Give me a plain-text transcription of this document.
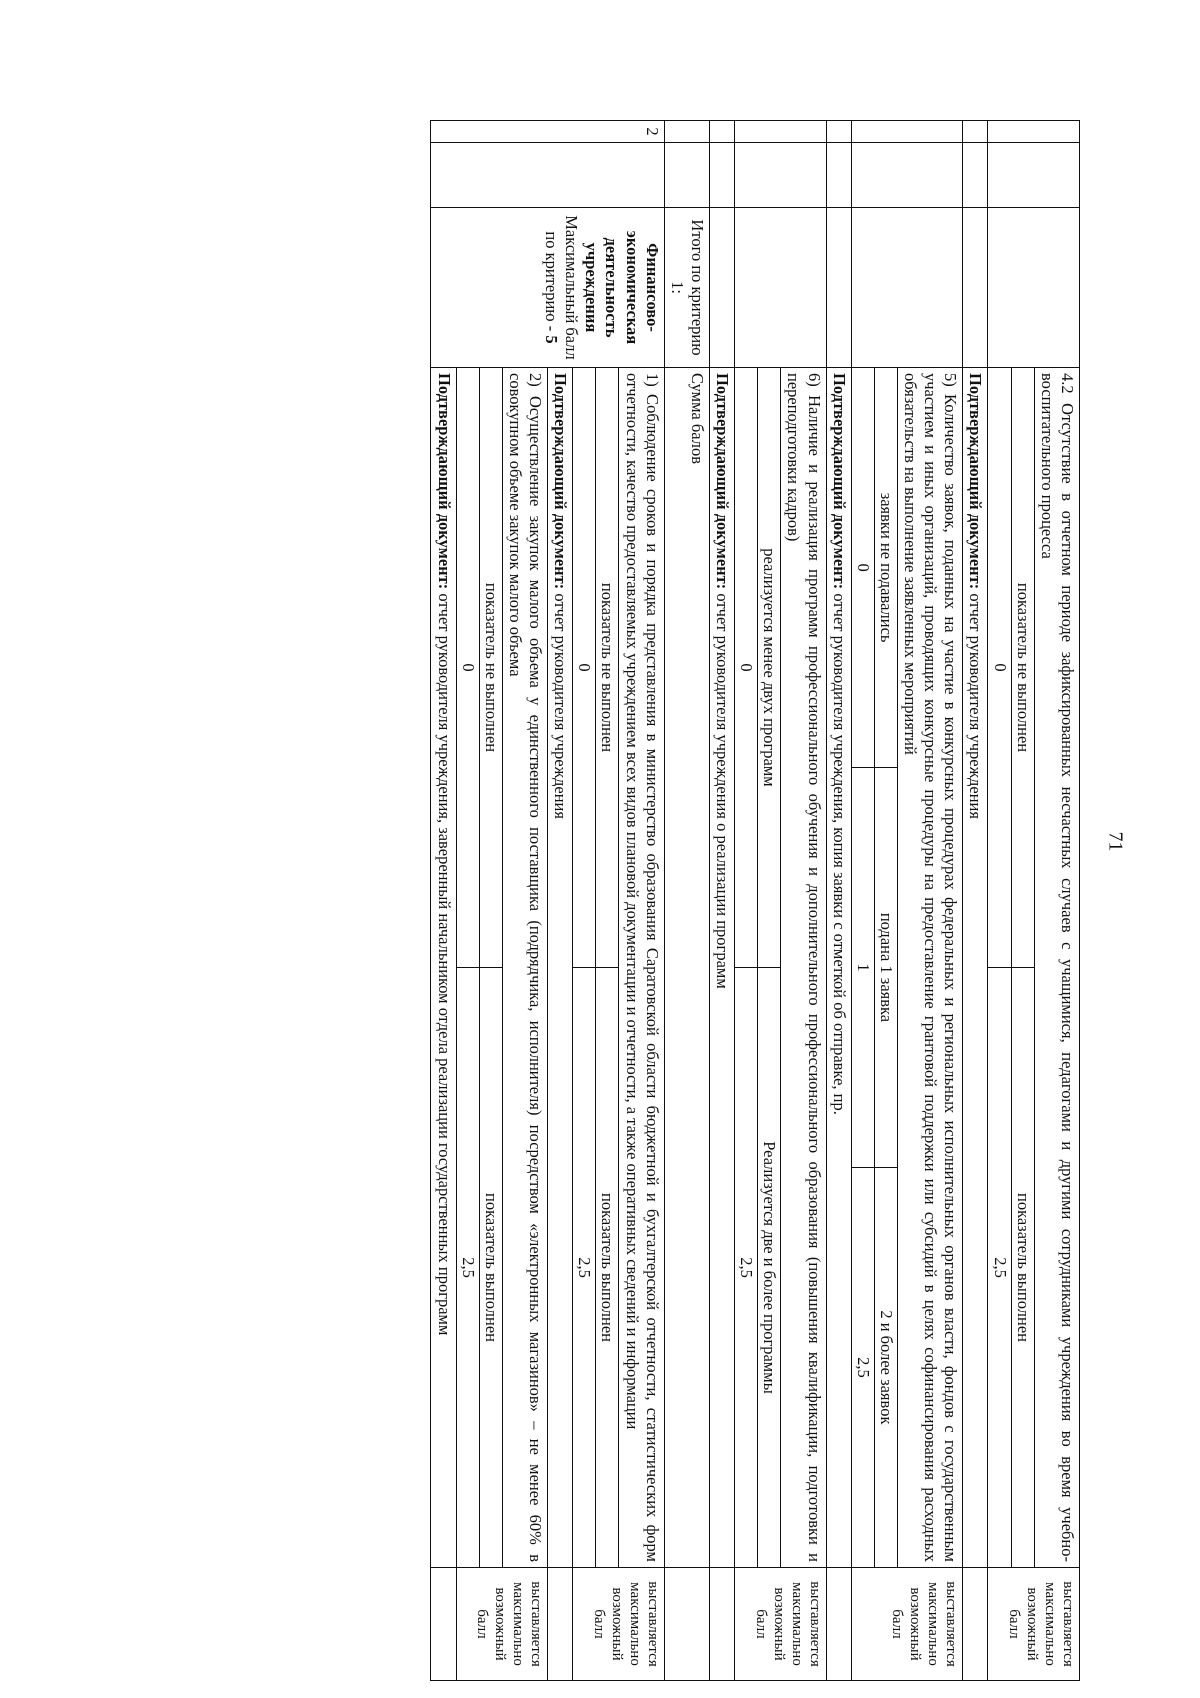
71

4.2 Отсутствие в отчетном периоде зафиксированных несчастных случаев с учащимися, педагогами и другими сотрудниками учреждения во время учебно-воспитательного процесса
показатель не выполнен	показатель выполнен
0	2,5
	выставляется максимально возможный балл
			Подтверждающий документ: отчет руководителя учреждения	

5) Количество заявок, поданных на участие в конкурсных процедурах федеральных и региональных исполнительных органов власти, фондов с государственным участием и иных организаций, проводящих конкурсные процедуры на предоставление грантовой поддержки или субсидий в целях софинансирования расходных обязательств на выполнение заявленных мероприятий
заявки не подавались	подана 1 заявка	2 и более заявок
0	1	2,5
	выставляется максимально возможный балл
			Подтверждающий документ: отчет руководителя учреждения, копия заявки с отметкой об отправке, пр.	

6) Наличие и реализация программ профессионального обучения и дополнительного профессионального образования (повышения квалификации, подготовки и переподготовки кадров)
реализуется менее двух программ	Реализуется две и более программы
0	2,5
	выставляется максимально возможный балл
			Подтверждающий документ: отчет руководителя учреждения о реализации программ	
		Итого по критерию 1:	Сумма балов	
2		
Финансово-экономическая деятельность учреждения
Максимальный балл по критерию - 5	
1) Соблюдение сроков и порядка представления в министерство образования Саратовской области бюджетной и бухгалтерской отчетности, статистических форм отчетности, качество предоставляемых учреждением всех видов плановой документации и отчетности, а также оперативных сведений и информации
показатель не выполнен	показатель выполнен
0	2,5
	выставляется максимально возможный балл
Подтверждающий документ: отчет руководителя учреждения	

2) Осуществление закупок малого объема у единственного поставщика (подрядчика, исполнителя) посредством «электронных магазинов» – не менее 60% в совокупном объеме закупок малого объема
показатель не выполнен	показатель выполнен
0	2,5
	выставляется максимально возможный балл
Подтверждающий документ: отчет руководителя учреждения, заверенный начальником отдела реализации государственных программ	
